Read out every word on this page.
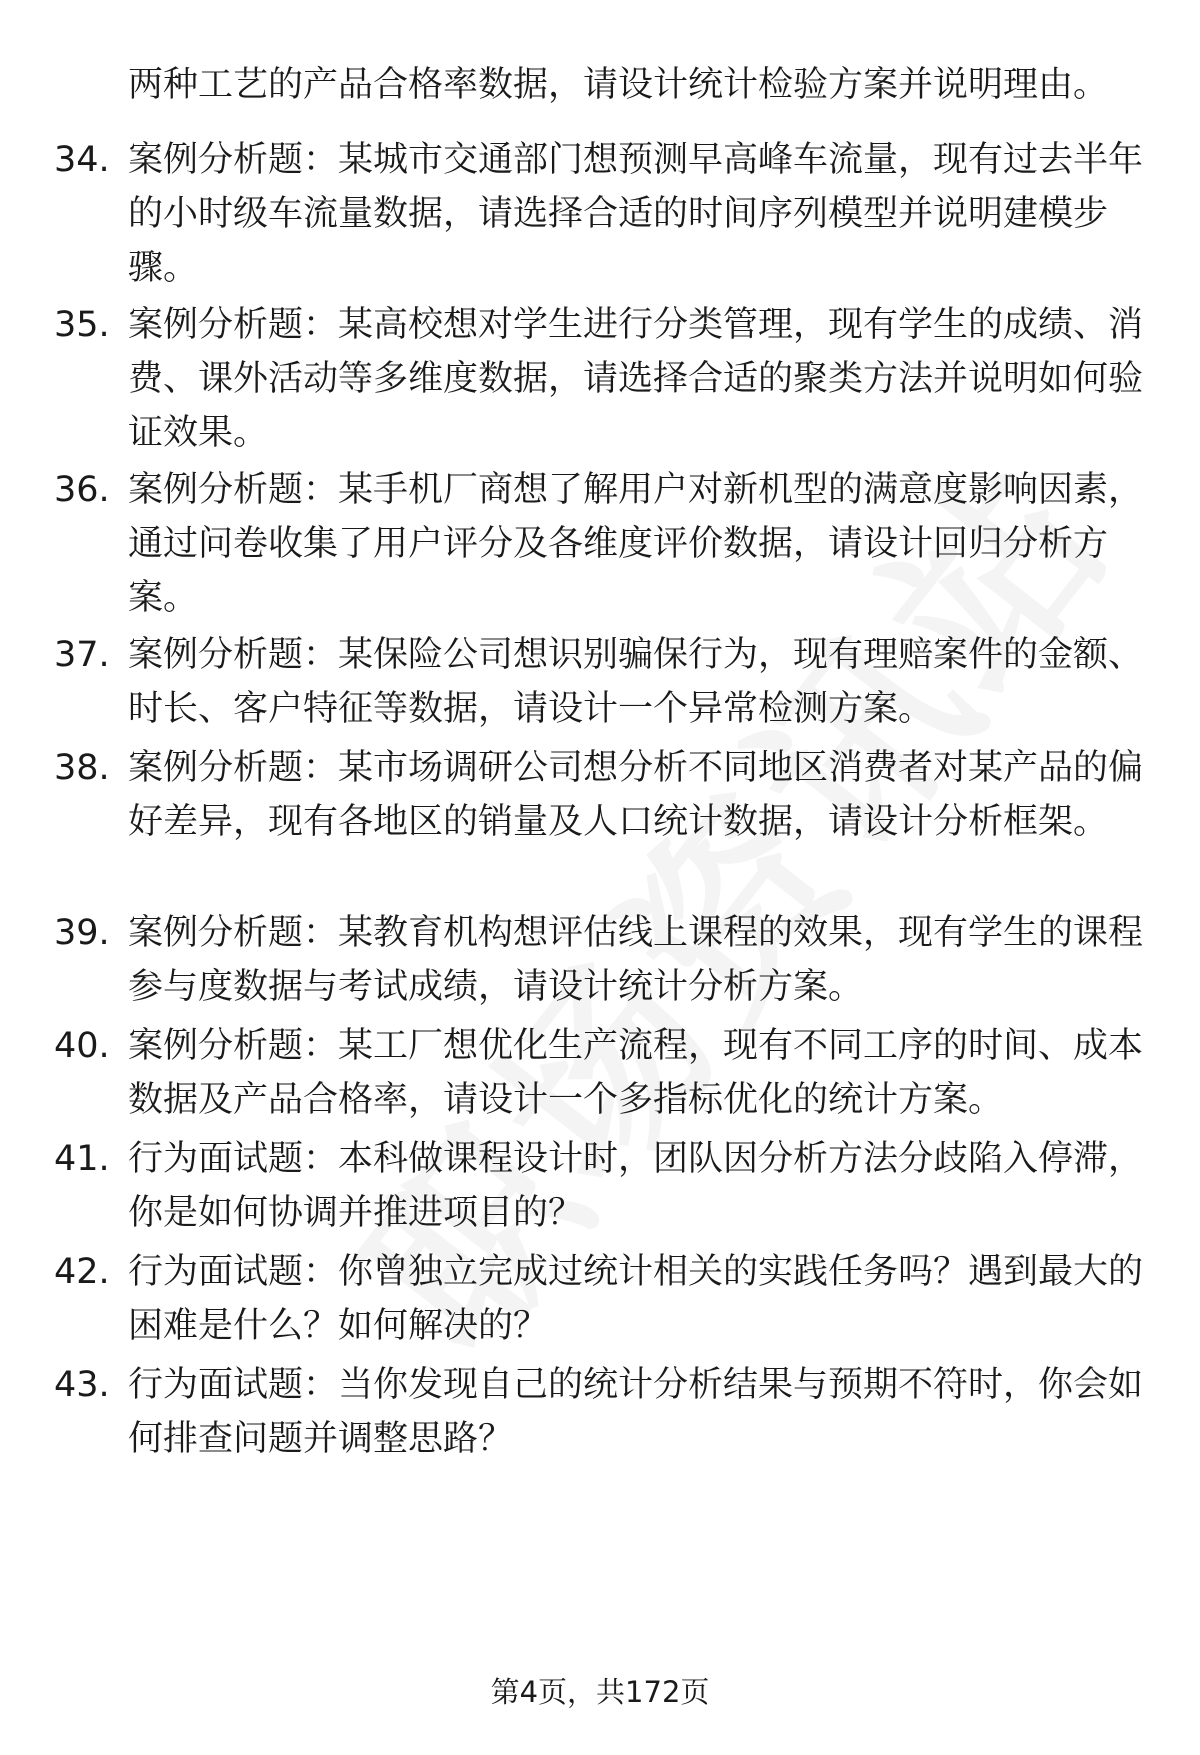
两种工艺的产品合格率数据，请设计统计检验方案并说明理由。
34. 案例分析题：某城市交通部门想预测早高峰车流量，现有过去半年的小时级车流量数据，请选择合适的时间序列模型并说明建模步骤。
35. 案例分析题：某高校想对学生进行分类管理，现有学生的成绩、消费、课外活动等多维度数据，请选择合适的聚类方法并说明如何验证效果。
36. 案例分析题：某手机厂商想了解用户对新机型的满意度影响因素，通过问卷收集了用户评分及各维度评价数据，请设计回归分析方案。
37. 案例分析题：某保险公司想识别骗保行为，现有理赔案件的金额、时长、客户特征等数据，请设计一个异常检测方案。
38. 案例分析题：某市场调研公司想分析不同地区消费者对某产品的偏好差异，现有各地区的销量及人口统计数据，请设计分析框架。
39. 案例分析题：某教育机构想评估线上课程的效果，现有学生的课程参与度数据与考试成绩，请设计统计分析方案。
40. 案例分析题：某工厂想优化生产流程，现有不同工序的时间、成本数据及产品合格率，请设计一个多指标优化的统计方案。
41. 行为面试题：本科做课程设计时，团队因分析方法分歧陷入停滞，你是如何协调并推进项目的？
42. 行为面试题：你曾独立完成过统计相关的实践任务吗？遇到最大的困难是什么？如何解决的？
43. 行为面试题：当你发现自己的统计分析结果与预期不符时，你会如何排查问题并调整思路？
第4页，共172页
